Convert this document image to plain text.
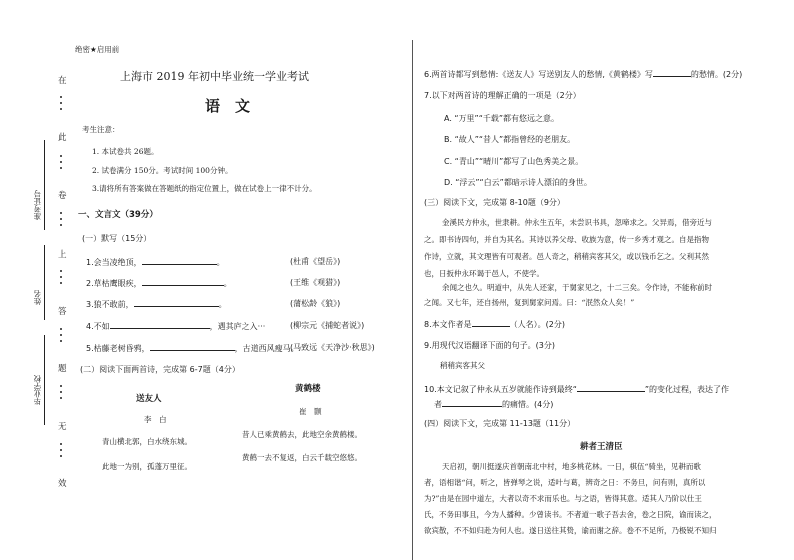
在
此
卷
上
答
题
无
效
准考证号
姓名
毕业学校
绝密★启用前
上海市 2019 年初中毕业统一学业考试
语　文
考生注意：
1. 本试卷共 26题。
2. 试卷满分 150分。考试时间 100分钟。
3.请将所有答案做在答题纸的指定位置上，做在试卷上一律不计分。
一、文言文（39分）
(一）默写（15分）
1.会当凌绝顶，	。	(杜甫《望岳》)
2.草枯鹰眼疾，	。	(王维《观猎》)
3.狼不敢前，	。	(蒲松龄《狼》)
4.不如	，遇其庐之入···	(柳宗元《捕蛇者说》)
5.枯藤老树昏鸦，	，古道西风瘦马。
(马致远《天净沙·秋思》)
(二）阅读下面两首诗，完成第 6-7题（4分）
送友人
李　白
青山横北郭，白水绕东城。
此地一为别，孤蓬万里征。
黄鹤楼
崔　颢
昔人已乘黄鹤去，此地空余黄鹤楼。
黄鹤一去不复返，白云千载空悠悠。
6.两首诗都写到愁情:《送友人》写送别友人的愁情,《黄鹤楼》写	的愁情。(2分)
7.以下对两首诗的理解正确的一项是（2分）
A. “万里”“千载”都有悠远之意。
B. “故人”“昔人”都指曾经的老朋友。
C. “青山”“晴川”都写了山色秀美之景。
D. “浮云”“白云”都暗示诗人漂泊的身世。
(三）阅读下文，完成第 8-10题（9分）
金溪民方仲永，世隶耕。仲永生五年，未尝识书具，忽啼求之。父异焉，借旁近与
之。即书诗四句，并自为其名。其诗以养父母、收族为意，传一乡秀才观之。自是指物
作诗，立就，其文理皆有可观者。邑人奇之，稍稍宾客其父，或以钱币乞之。父利其然
也，日扳仲永环谒于邑人，不使学。
余闻之也久。明道中，从先人还家，于舅家见之，十二三矣。令作诗，不能称前时
之闻。又七年，还自扬州，复到舅家问焉。曰：“泯然众人矣！”
8.本文作者是	（人名）。(2分)
9.用现代汉语翻译下面的句子。(3分)
稍稍宾客其父
10.本文记叙了仲永从五岁就能作诗到最终“	”的变化过程，表达了作
者	的痛惜。(4分)
(四）阅读下文，完成第 11-13题（11分）
耕者王清臣
天启初，朝川挺遂庆首朝南北中村，地多桃花林。一日，棋伍“骑坐，见耕而歌
者，语相谐“问，听之，皆弹琴之说，适叶与葛，辨奇之日：不务旦，问有则，真所以
为?”由是在园中道左，大者以奇不求而乐也。与之语，皆得其意。适其人乃阶以仕王
氏，不务田事且，今为人播种。少曾读书。不者道一歌子吾去舍，卷之日院，谕而读之，
欲宾散，不不如归赴为何人也。遂日送往其贽，谕而谢之辞。卷不不足所，乃极锐不知归
